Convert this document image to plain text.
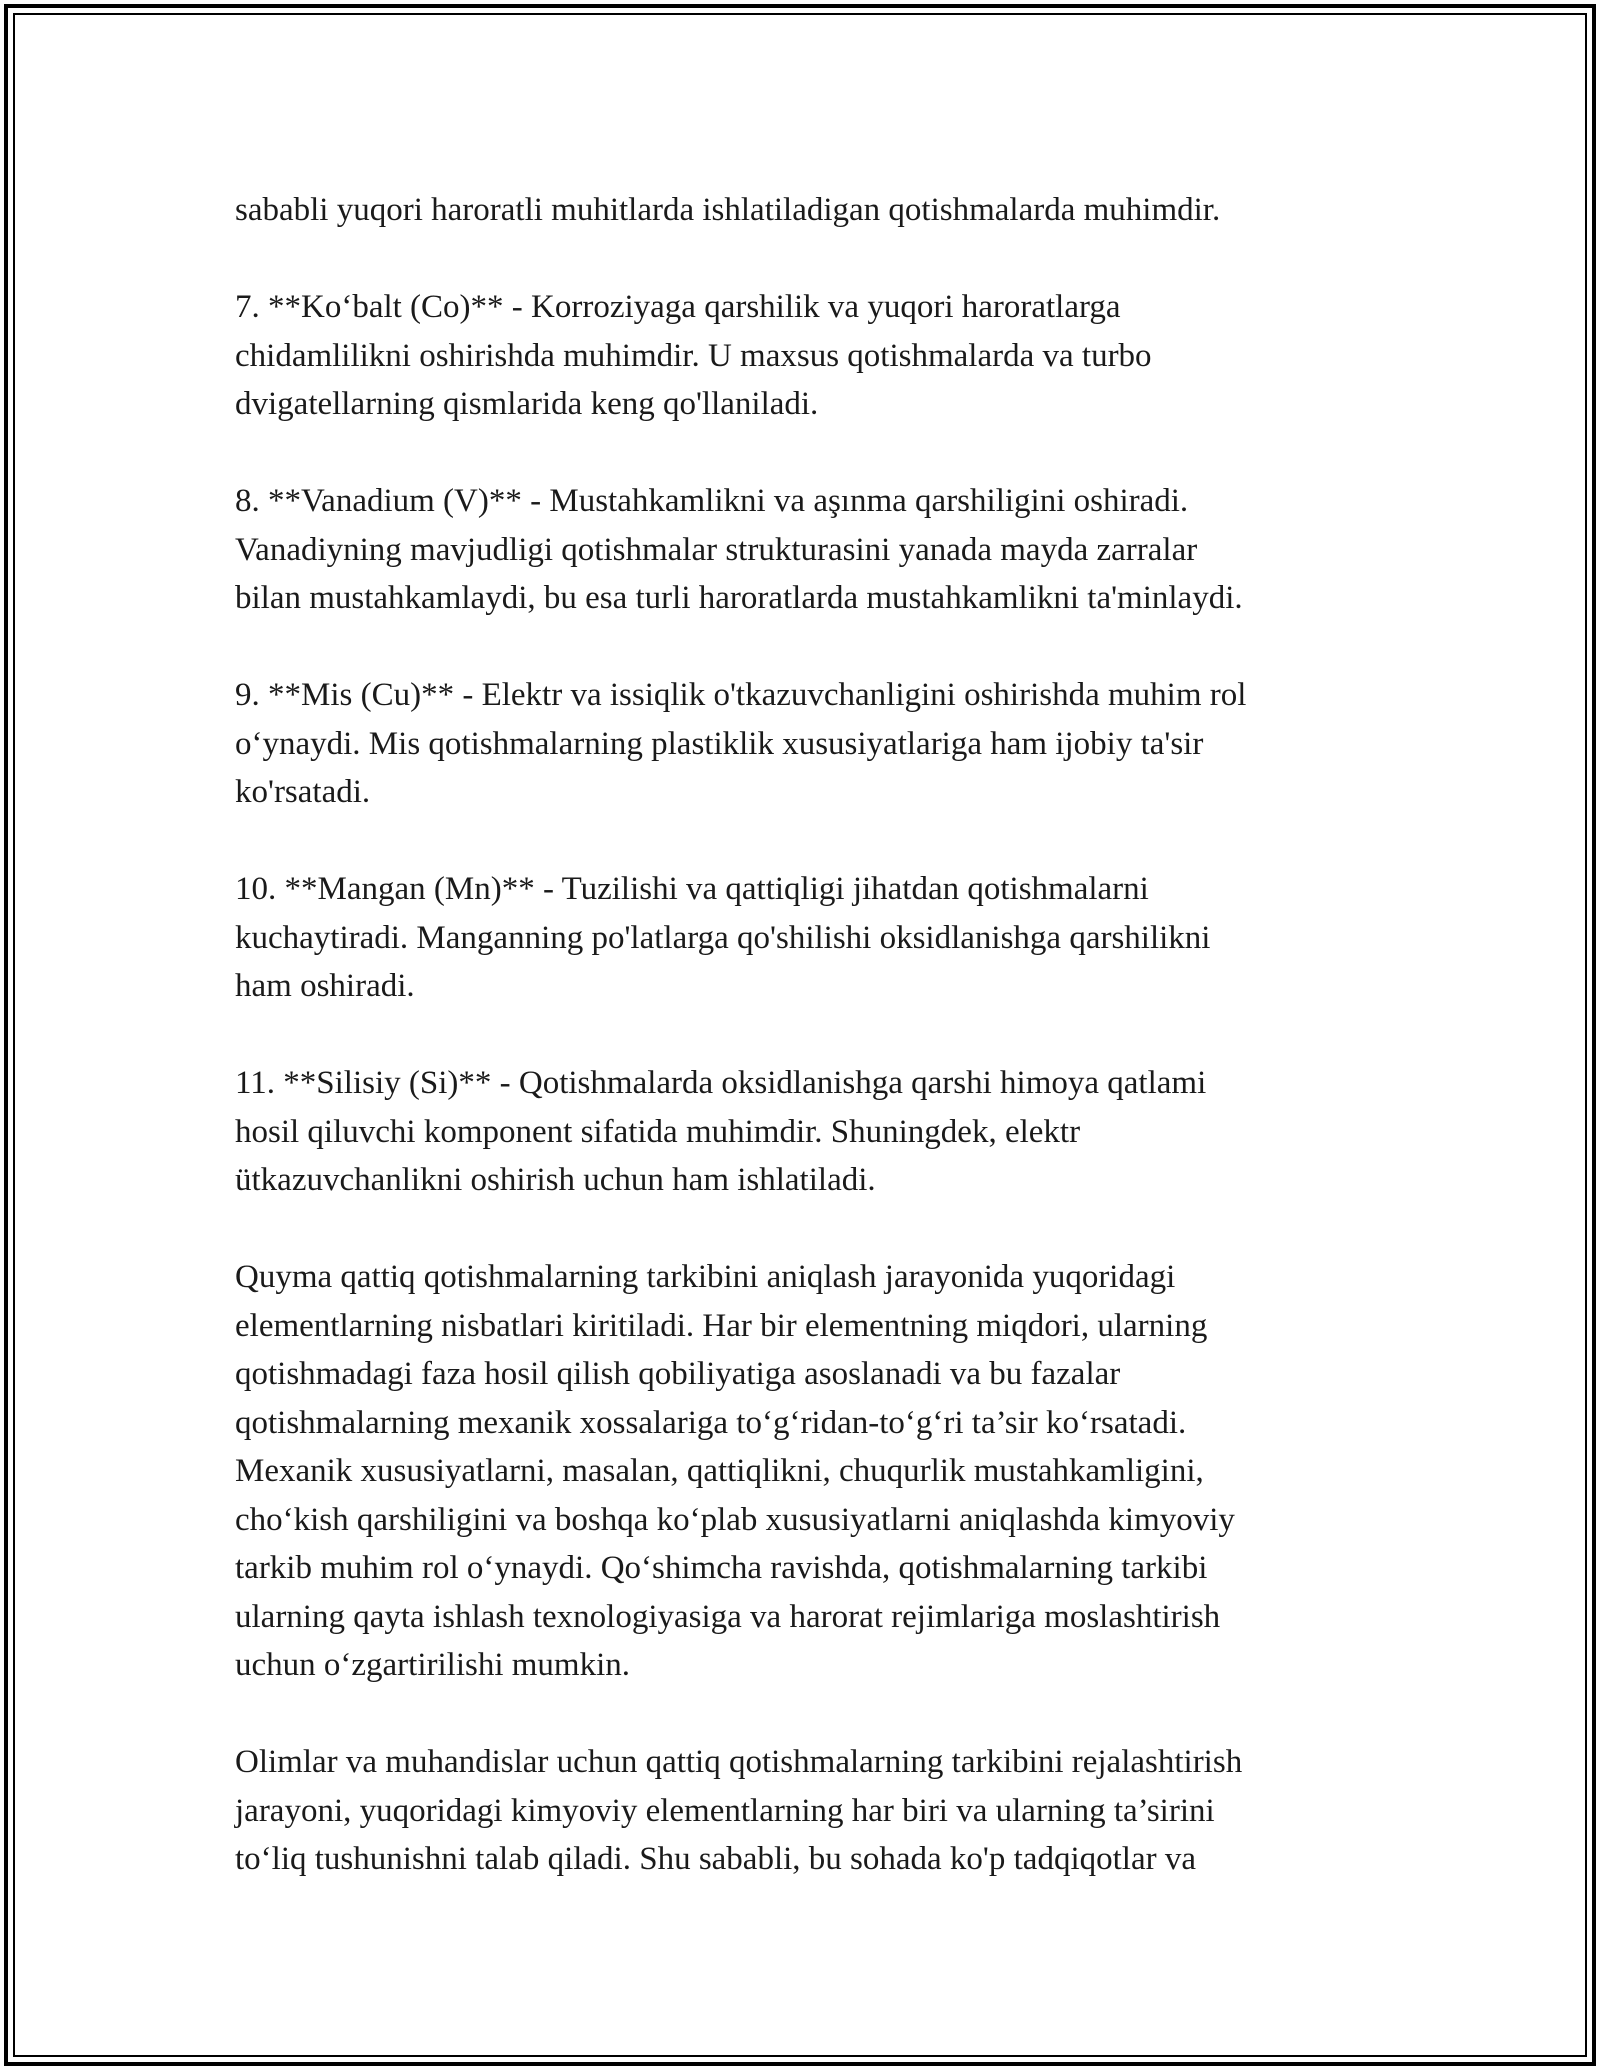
sababli yuqori haroratli muhitlarda ishlatiladigan qotishmalarda muhimdir.

7. **Ko‘balt (Co)** - Korroziyaga qarshilik va yuqori haroratlarga
chidamlilikni oshirishda muhimdir. U maxsus qotishmalarda va turbo
dvigatellarning qismlarida keng qo'llaniladi.

8. **Vanadium (V)** - Mustahkamlikni va aşınma qarshiligini oshiradi.
Vanadiyning mavjudligi qotishmalar strukturasini yanada mayda zarralar
bilan mustahkamlaydi, bu esa turli haroratlarda mustahkamlikni ta'minlaydi.

9. **Mis (Cu)** - Elektr va issiqlik o'tkazuvchanligini oshirishda muhim rol
o‘ynaydi. Mis qotishmalarning plastiklik xususiyatlariga ham ijobiy ta'sir
ko'rsatadi.

10. **Mangan (Mn)** - Tuzilishi va qattiqligi jihatdan qotishmalarni
kuchaytiradi. Manganning po'latlarga qo'shilishi oksidlanishga qarshilikni
ham oshiradi.

11. **Silisiy (Si)** - Qotishmalarda oksidlanishga qarshi himoya qatlami
hosil qiluvchi komponent sifatida muhimdir. Shuningdek, elektr
ütkazuvchanlikni oshirish uchun ham ishlatiladi.

Quyma qattiq qotishmalarning tarkibini aniqlash jarayonida yuqoridagi
elementlarning nisbatlari kiritiladi. Har bir elementning miqdori, ularning
qotishmadagi faza hosil qilish qobiliyatiga asoslanadi va bu fazalar
qotishmalarning mexanik xossalariga to‘g‘ridan-to‘g‘ri ta’sir ko‘rsatadi.
Mexanik xususiyatlarni, masalan, qattiqlikni, chuqurlik mustahkamligini,
cho‘kish qarshiligini va boshqa ko‘plab xususiyatlarni aniqlashda kimyoviy
tarkib muhim rol o‘ynaydi. Qo‘shimcha ravishda, qotishmalarning tarkibi
ularning qayta ishlash texnologiyasiga va harorat rejimlariga moslashtirish
uchun o‘zgartirilishi mumkin.

Olimlar va muhandislar uchun qattiq qotishmalarning tarkibini rejalashtirish
jarayoni, yuqoridagi kimyoviy elementlarning har biri va ularning ta’sirini
to‘liq tushunishni talab qiladi. Shu sababli, bu sohada ko'p tadqiqotlar va
